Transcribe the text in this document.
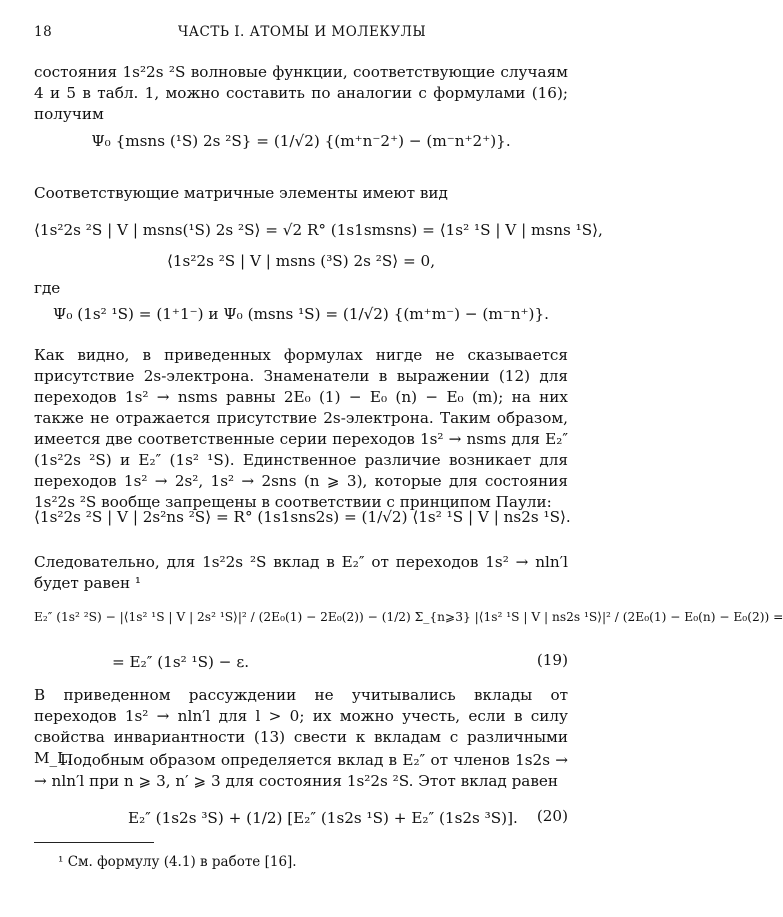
18	ЧАСТЬ I. АТОМЫ И МОЛЕКУЛЫ
состояния 1s²2s ²S волновые функции, соответствующие случаям 4 и 5 в табл. 1, можно составить по аналогии с формулами (16); получим
Ψ₀ {msns (¹S) 2s ²S} = (1/√2) {(m⁺n⁻2⁺) − (m⁻n⁺2⁺)}.
Соответствующие матричные элементы имеют вид
⟨1s²2s ²S | V | msns(¹S) 2s ²S⟩ = √2 R° (1s1smsns) = ⟨1s² ¹S | V | msns ¹S⟩,
⟨1s²2s ²S | V | msns (³S) 2s ²S⟩ = 0,
где
Ψ₀ (1s² ¹S) = (1⁺1⁻) и Ψ₀ (msns ¹S) = (1/√2) {(m⁺m⁻) − (m⁻n⁺)}.
Как видно, в приведенных формулах нигде не сказывается присутствие 2s-электрона. Знаменатели в выражении (12) для переходов 1s² → nsms равны 2E₀ (1) − E₀ (n) − E₀ (m); на них также не отражается присутствие 2s-электрона. Таким образом, имеется две соответственные серии переходов 1s² → nsms для E₂″ (1s²2s ²S) и E₂″ (1s² ¹S). Единственное различие возникает для переходов 1s² → 2s², 1s² → 2sns (n ⩾ 3), которые для состояния 1s²2s ²S вообще запрещены в соответствии с принципом Паули:
⟨1s²2s ²S | V | 2s²ns ²S⟩ = R° (1s1sns2s) = (1/√2) ⟨1s² ¹S | V | ns2s ¹S⟩.
Следовательно, для 1s²2s ²S вклад в E₂″ от переходов 1s² → nln′l будет равен ¹
E₂″ (1s² ²S) − |⟨1s² ¹S | V | 2s² ¹S⟩|² / (2E₀(1) − 2E₀(2)) − (1/2) Σ_{n⩾3} |⟨1s² ¹S | V | ns2s ¹S⟩|² / (2E₀(1) − E₀(n) − E₀(2)) =
= E₂″ (1s² ¹S) − ε.	(19)
В приведенном рассуждении не учитывались вклады от переходов 1s² → nln′l для l > 0; их можно учесть, если в силу свойства инвариантности (13) свести к вкладам с различными M_L.
Подобным образом определяется вклад в E₂″ от членов 1s2s → → nln′l при n ⩾ 3, n′ ⩾ 3 для состояния 1s²2s ²S. Этот вклад равен
E₂″ (1s2s ³S) + (1/2) [E₂″ (1s2s ¹S) + E₂″ (1s2s ³S)]. (20)
¹ См. формулу (4.1) в работе [16].
